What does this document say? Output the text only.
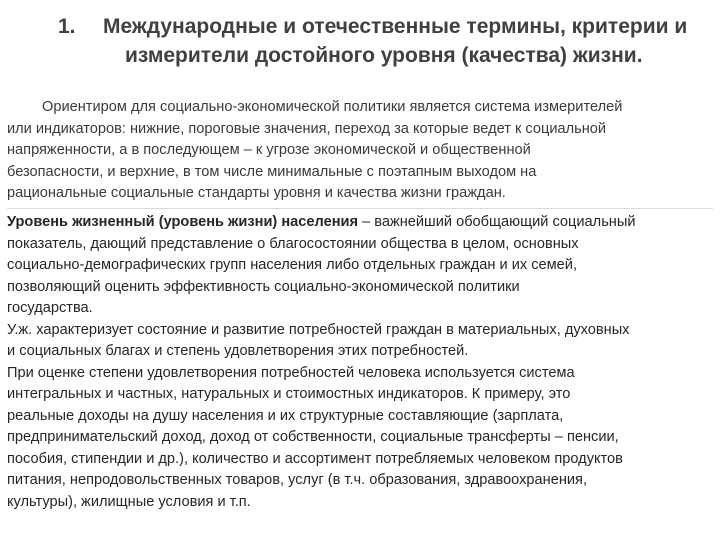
1. Международные и отечественные термины, критерии и
измерители достойного уровня (качества) жизни.
Ориентиром для социально-экономической политики является система измерителей
или индикаторов: нижние, пороговые значения, переход за которые ведет к социальной
напряженности, а в последующем – к угрозе экономической и общественной
безопасности, и верхние, в том числе минимальные с поэтапным выходом на
рациональные социальные стандарты уровня и качества жизни граждан.
Уровень жизненный (уровень жизни) населения – важнейший обобщающий социальный
показатель, дающий представление о благосостоянии общества в целом, основных
социально-демографических групп населения либо отдельных граждан и их семей,
позволяющий оценить эффективность социально-экономической политики
государства.
У.ж. характеризует состояние и развитие потребностей граждан в материальных, духовных
и социальных благах и степень удовлетворения этих потребностей.
При оценке степени удовлетворения потребностей человека используется система
интегральных и частных, натуральных и стоимостных индикаторов. К примеру, это
реальные доходы на душу населения и их структурные составляющие (зарплата,
предпринимательский доход, доход от собственности, социальные трансферты – пенсии,
пособия, стипендии и др.), количество и ассортимент потребляемых человеком продуктов
питания, непродовольственных товаров, услуг (в т.ч. образования, здравоохранения,
культуры), жилищные условия и т.п.
